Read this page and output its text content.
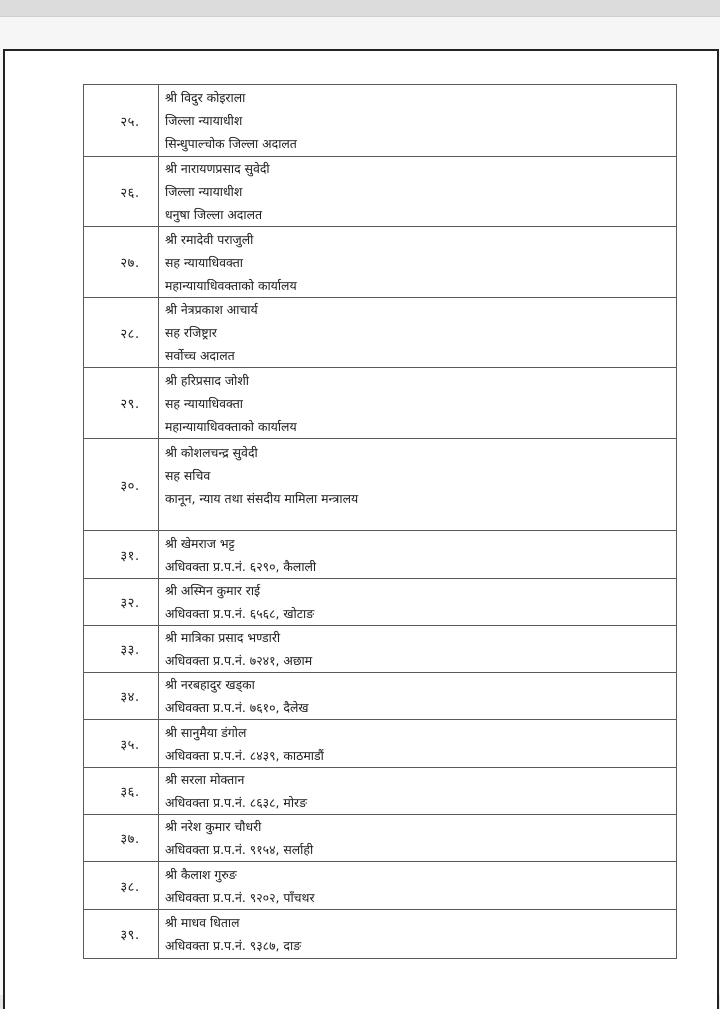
२५.	श्री विदुर कोइराला
जिल्ला न्यायाधीश
सिन्धुपाल्चोक जिल्ला अदालत

२६.	श्री नारायणप्रसाद सुवेदी
जिल्ला न्यायाधीश
धनुषा जिल्ला अदालत

२७.	श्री रमादेवी पराजुली
सह न्यायाधिवक्ता
महान्यायाधिवक्ताको कार्यालय

२८.	श्री नेत्रप्रकाश आचार्य
सह रजिष्ट्रार
सर्वोच्च अदालत

२९.	श्री हरिप्रसाद जोशी
सह न्यायाधिवक्ता
महान्यायाधिवक्ताको कार्यालय

३०.	श्री कोशलचन्द्र सुवेदी
सह सचिव
कानून, न्याय तथा संसदीय मामिला मन्त्रालय

३१.	श्री खेमराज भट्ट
अधिवक्ता प्र.प.नं. ६२९०, कैलाली

३२.	श्री अस्मिन कुमार राई
अधिवक्ता प्र.प.नं. ६५६८, खोटाङ

३३.	श्री मात्रिका प्रसाद भण्डारी
अधिवक्ता प्र.प.नं. ७२४१, अछाम

३४.	श्री नरबहादुर खड्का
अधिवक्ता प्र.प.नं. ७६१०, दैलेख

३५.	श्री सानुमैया डंगोल
अधिवक्ता प्र.प.नं. ८४३९, काठमाडौं

३६.	श्री सरला मोक्तान
अधिवक्ता प्र.प.नं. ८६३८, मोरङ

३७.	श्री नरेश कुमार चौधरी
अधिवक्ता प्र.प.नं. ९१५४, सर्लाही

३८.	श्री कैलाश गुरुङ
अधिवक्ता प्र.प.नं. ९२०२, पाँचथर

३९.	श्री माधव धिताल
अधिवक्ता प्र.प.नं. ९३८७, दाङ
